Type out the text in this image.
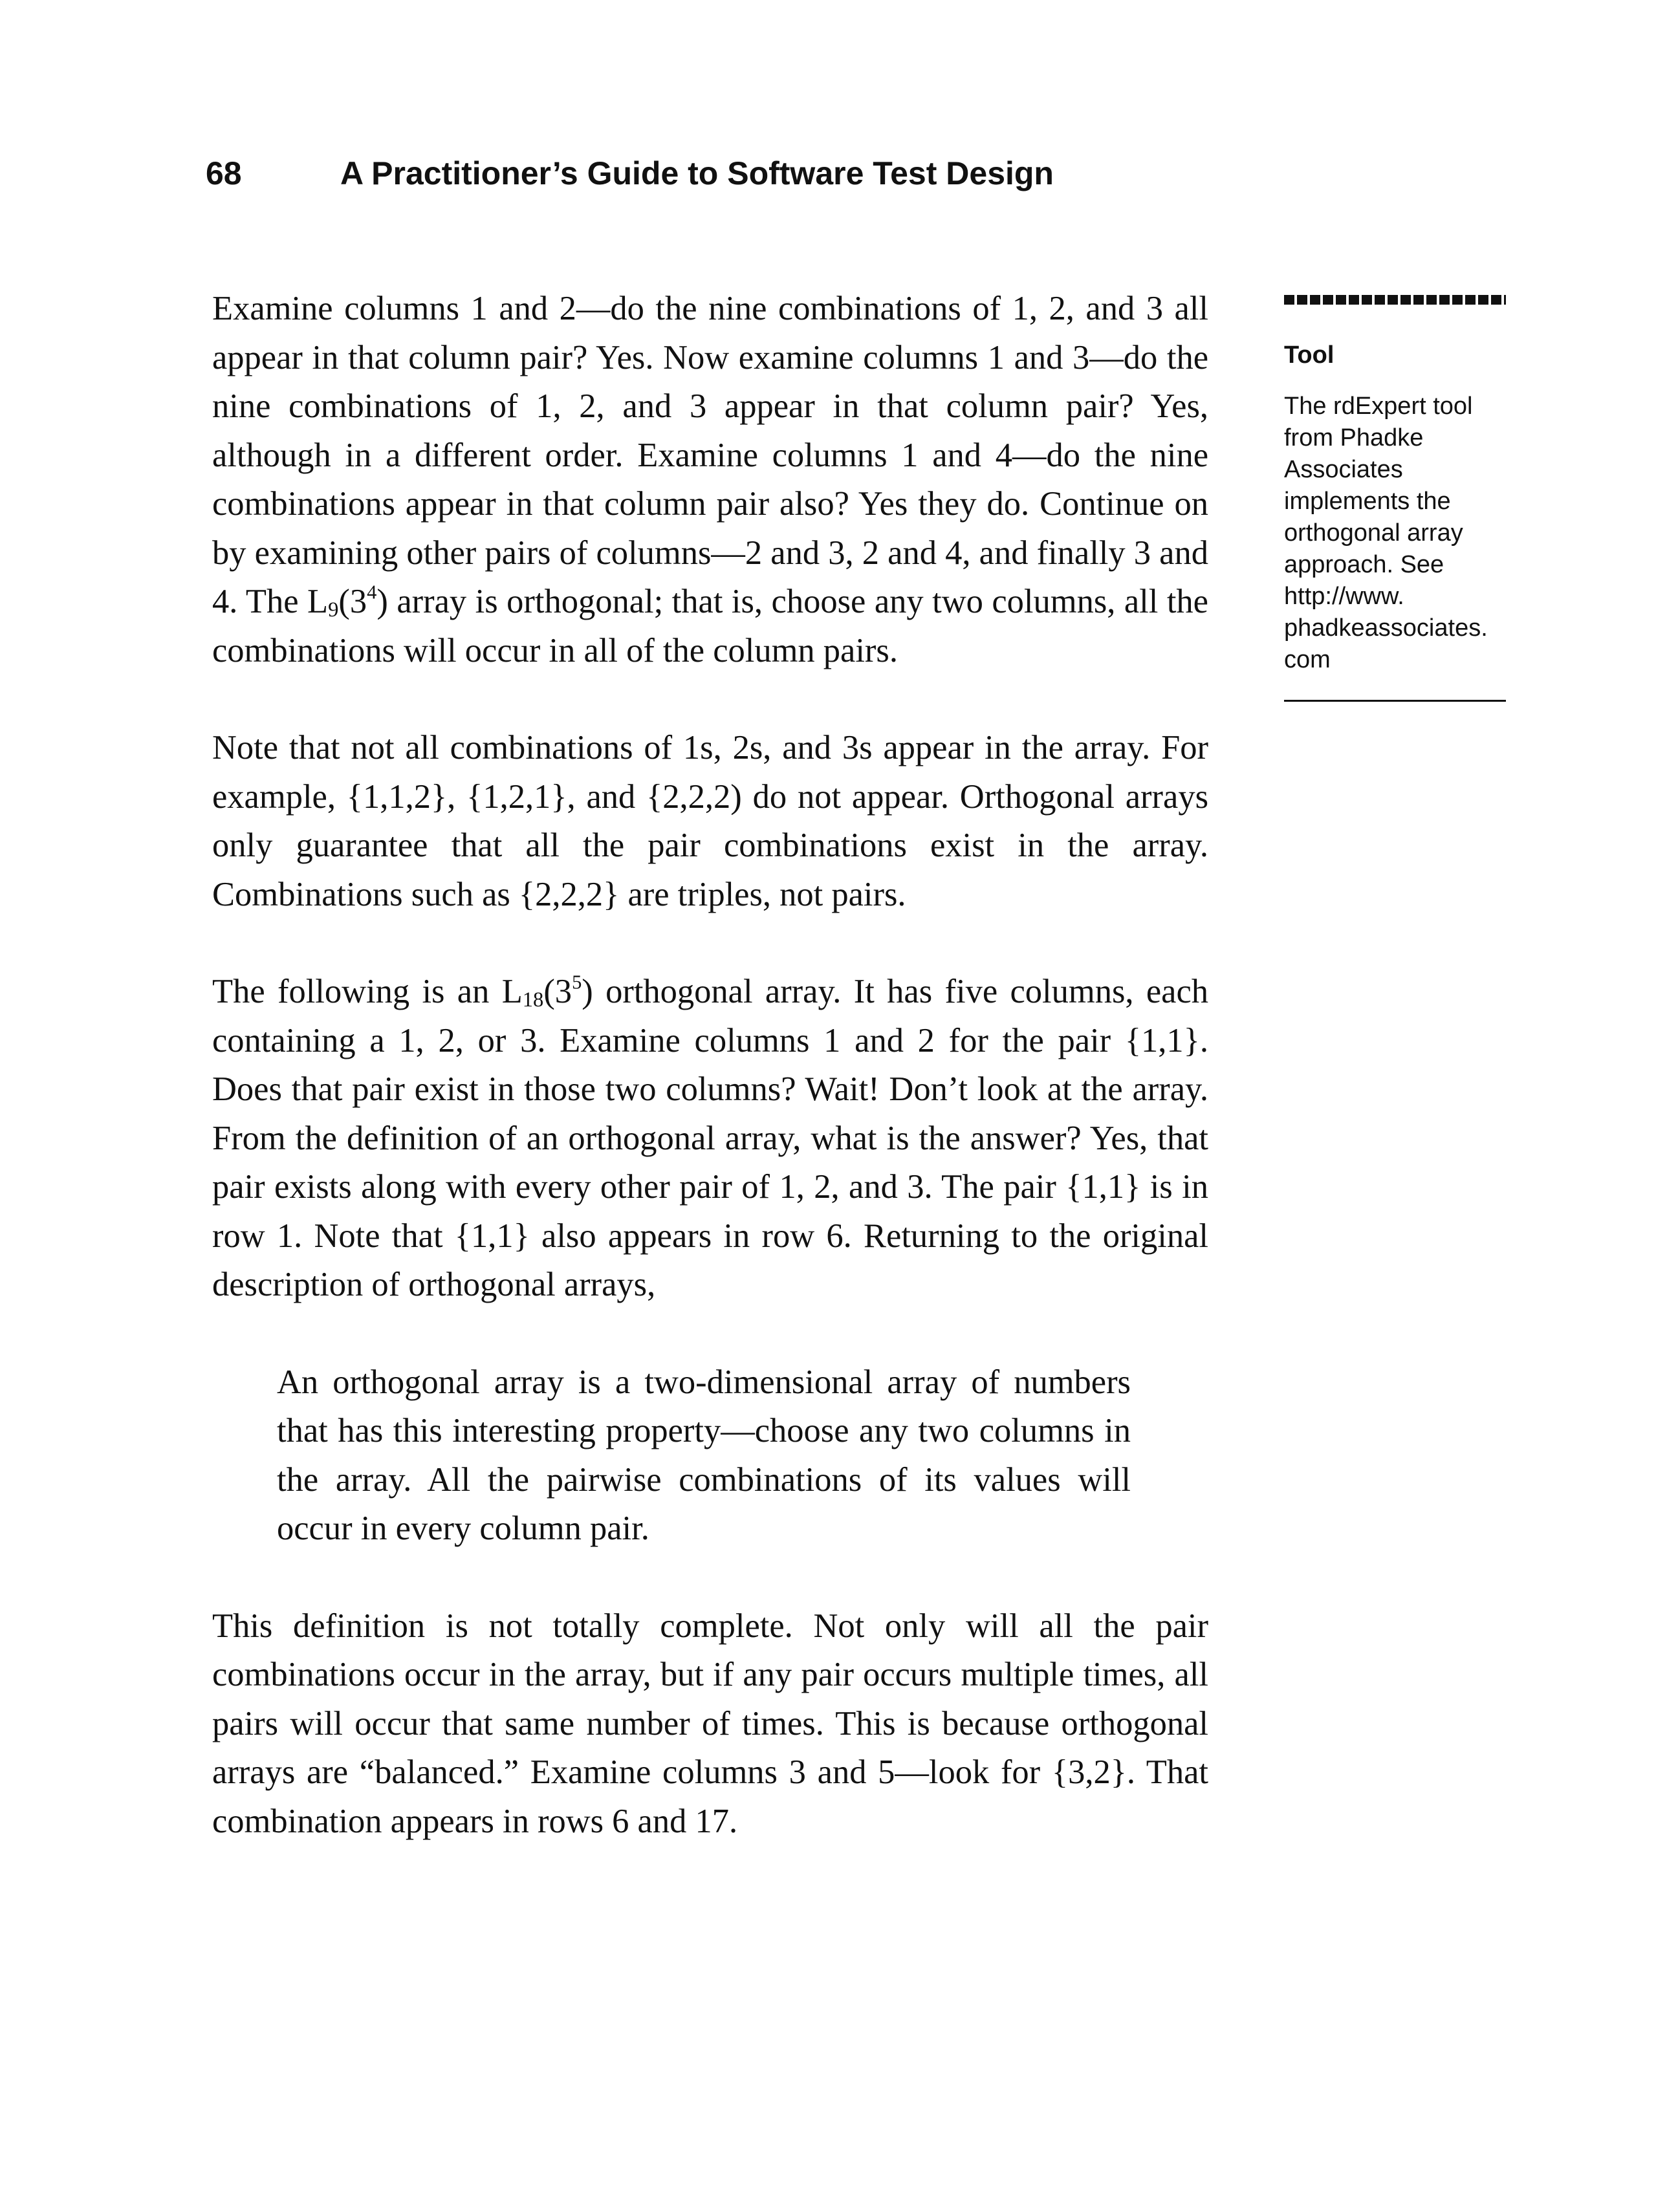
68	A Practitioner’s Guide to Software Test Design

Examine columns 1 and 2—do the nine combinations of 1, 2, and 3 all appear in that column pair? Yes. Now examine columns 1 and 3—do the nine combinations of 1, 2, and 3 appear in that column pair? Yes, although in a different order. Examine columns 1 and 4—do the nine combinations appear in that column pair also? Yes they do. Continue on by examining other pairs of columns—2 and 3, 2 and 4, and finally 3 and 4. The $L_9(3^4)$ array is orthogonal; that is, choose any two columns, all the combinations will occur in all of the column pairs.

Note that not all combinations of 1s, 2s, and 3s appear in the array. For example, {1,1,2}, {1,2,1}, and {2,2,2) do not appear. Orthogonal arrays only guarantee that all the pair combinations exist in the array. Combinations such as {2,2,2} are triples, not pairs.

The following is an $L_{18}(3^5)$ orthogonal array. It has five columns, each containing a 1, 2, or 3. Examine columns 1 and 2 for the pair {1,1}. Does that pair exist in those two columns? Wait! Don’t look at the array. From the definition of an orthogonal array, what is the answer? Yes, that pair exists along with every other pair of 1, 2, and 3. The pair {1,1} is in row 1. Note that {1,1} also appears in row 6. Returning to the original description of orthogonal arrays,

An orthogonal array is a two-dimensional array of numbers that has this interesting property—choose any two columns in the array. All the pairwise combinations of its values will occur in every column pair.

This definition is not totally complete. Not only will all the pair combinations occur in the array, but if any pair occurs multiple times, all pairs will occur that same number of times. This is because orthogonal arrays are “balanced.” Examine columns 3 and 5—look for {3,2}. That combination appears in rows 6 and 17.

Tool
The rdExpert tool
from Phadke
Associates
implements the
orthogonal array
approach. See
http://www.
phadkeassociates.
com
